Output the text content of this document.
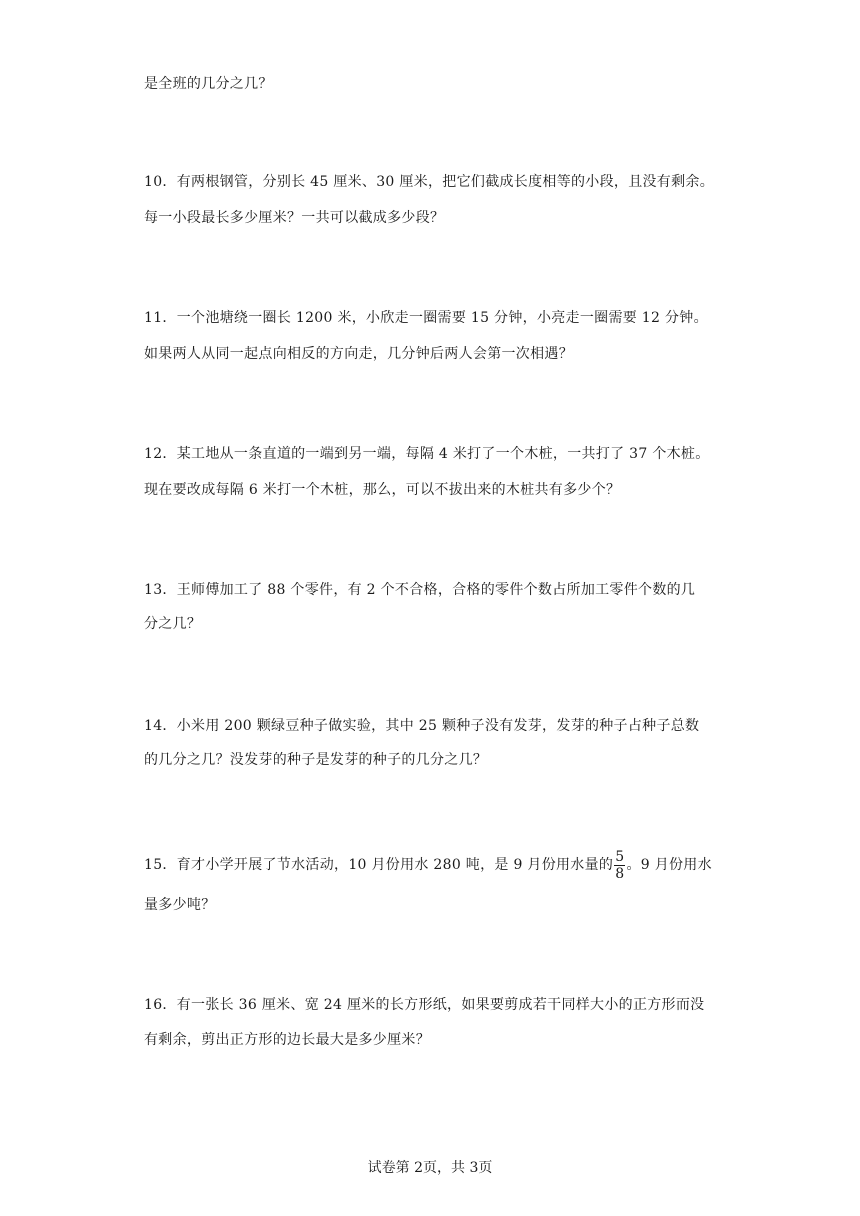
是全班的几分之几？
10．有两根钢管，分别长 45 厘米、30 厘米，把它们截成长度相等的小段，且没有剩余。
每一小段最长多少厘米？一共可以截成多少段？
11．一个池塘绕一圈长 1200 米，小欣走一圈需要 15 分钟，小亮走一圈需要 12 分钟。
如果两人从同一起点向相反的方向走，几分钟后两人会第一次相遇？
12．某工地从一条直道的一端到另一端，每隔 4 米打了一个木桩，一共打了 37 个木桩。
现在要改成每隔 6 米打一个木桩，那么，可以不拔出来的木桩共有多少个？
13．王师傅加工了 88 个零件，有 2 个不合格，合格的零件个数占所加工零件个数的几
分之几？
14．小米用 200 颗绿豆种子做实验，其中 25 颗种子没有发芽，发芽的种子占种子总数
的几分之几？没发芽的种子是发芽的种子的几分之几？
15．育才小学开展了节水活动，10 月份用水 280 吨，是 9 月份用水量的 $\frac{5}{8}$ 。9 月份用水
量多少吨？
16．有一张长 36 厘米、宽 24 厘米的长方形纸，如果要剪成若干同样大小的正方形而没
有剩余，剪出正方形的边长最大是多少厘米？
试卷第 2页，共 3页
